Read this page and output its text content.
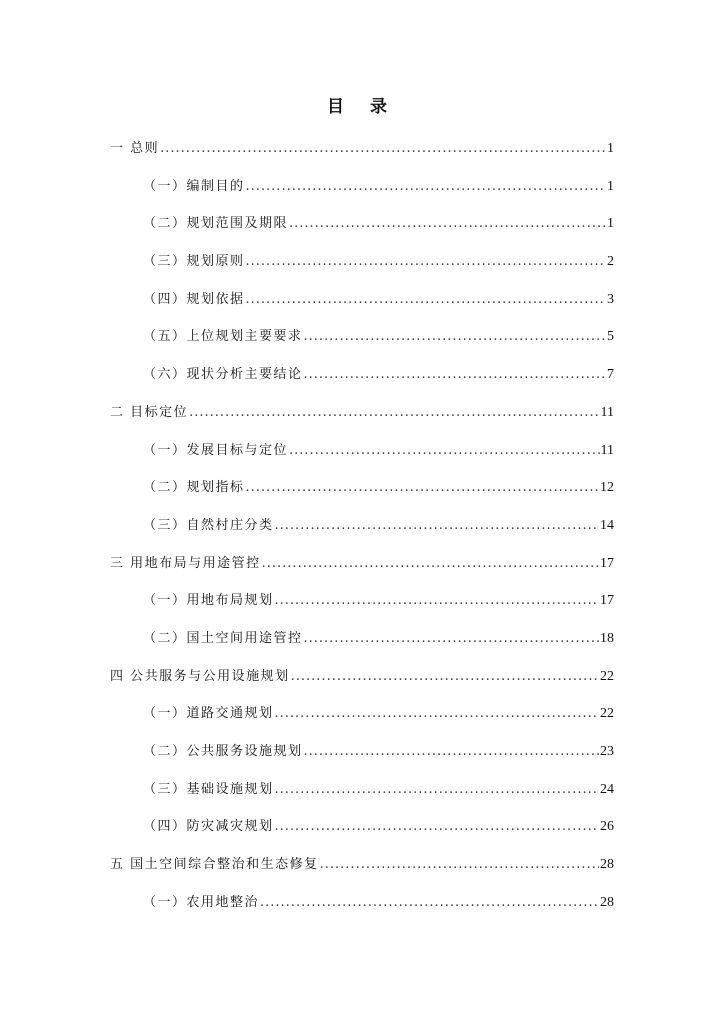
目 录
一 总则 .....	1
（一）编制目的 .....	1
（二）规划范围及期限 .....	1
（三）规划原则 .....	2
（四）规划依据 .....	3
（五）上位规划主要要求 .....	5
（六）现状分析主要结论 .....	7
二 目标定位 .....	11
（一）发展目标与定位 .....	11
（二）规划指标 .....	12
（三）自然村庄分类 .....	14
三 用地布局与用途管控 .....	17
（一）用地布局规划 .....	17
（二）国土空间用途管控 .....	18
四 公共服务与公用设施规划 .....	22
（一）道路交通规划 .....	22
（二）公共服务设施规划 .....	23
（三）基础设施规划 .....	24
（四）防灾减灾规划 .....	26
五 国土空间综合整治和生态修复 .....	28
（一）农用地整治 .....	28
